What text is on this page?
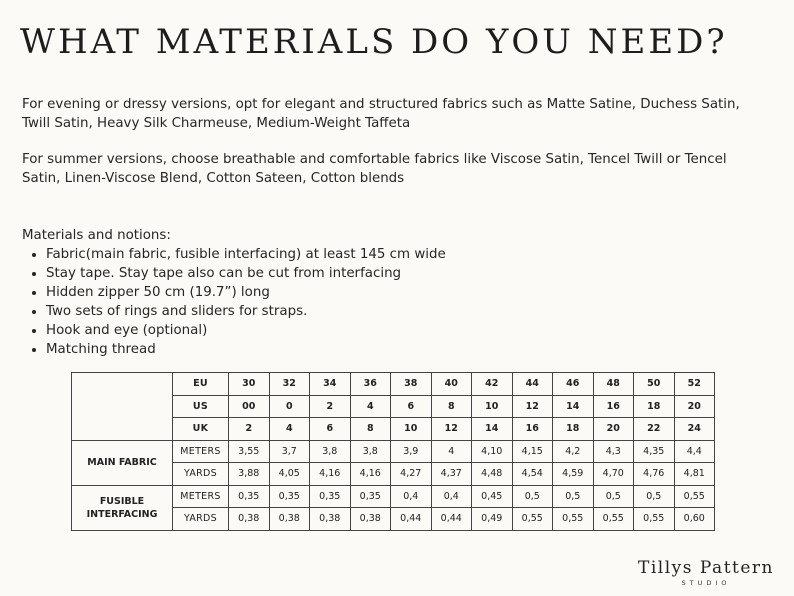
WHAT MATERIALS DO YOU NEED?

For evening or dressy versions, opt for elegant and structured fabrics such as Matte Satine, Duchess Satin, Twill Satin, Heavy Silk Charmeuse, Medium-Weight Taffeta

For summer versions, choose breathable and comfortable fabrics like Viscose Satin, Tencel Twill or Tencel Satin, Linen-Viscose Blend, Cotton Sateen, Cotton blends

Materials and notions:
• Fabric(main fabric, fusible interfacing) at least 145 cm wide
• Stay tape. Stay tape also can be cut from interfacing
• Hidden zipper 50 cm (19.7”) long
• Two sets of rings and sliders for straps.
• Hook and eye (optional)
• Matching thread
	EU	30	32	34	36	38	40	42	44	46	48	50	52
	US	00	0	2	4	6	8	10	12	14	16	18	20
	UK	2	4	6	8	10	12	14	16	18	20	22	24
MAIN FABRIC	METERS	3,55	3,7	3,8	3,8	3,9	4	4,10	4,15	4,2	4,3	4,35	4,4
	YARDS	3,88	4,05	4,16	4,16	4,27	4,37	4,48	4,54	4,59	4,70	4,76	4,81

FUSIBLE
INTERFACING	METERS	0,35	0,35	0,35	0,35	0,4	0,4	0,45	0,5	0,5	0,5	0,5	0,55
	YARDS	0,38	0,38	0,38	0,38	0,44	0,44	0,49	0,55	0,55	0,55	0,55	0,60
Tillys Pattern
STUDIO
